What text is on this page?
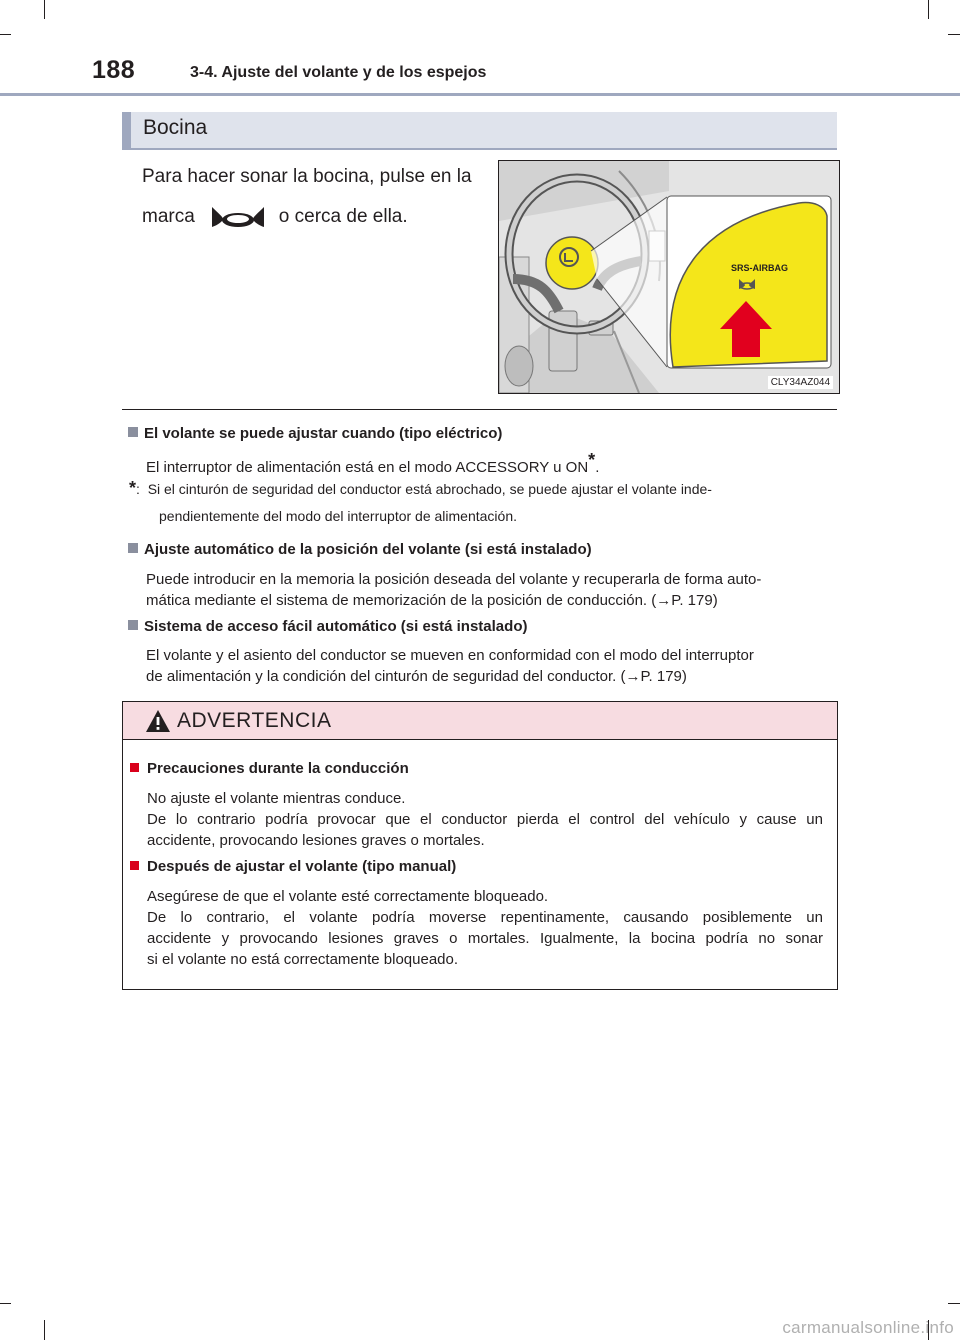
188	3-4. Ajuste del volante y de los espejos
Bocina
Para hacer sonar la bocina, pulse en la
marca	o cerca de ella.
SRS-AIRBAG
CLY34AZ044
El volante se puede ajustar cuando (tipo eléctrico)
El interruptor de alimentación está en el modo ACCESSORY u ON*.
*: Si el cinturón de seguridad del conductor está abrochado, se puede ajustar el volante inde-
pendientemente del modo del interruptor de alimentación.
Ajuste automático de la posición del volante (si está instalado)
Puede introducir en la memoria la posición deseada del volante y recuperarla de forma auto-
mática mediante el sistema de memorización de la posición de conducción. (→P. 179)
Sistema de acceso fácil automático (si está instalado)
El volante y el asiento del conductor se mueven en conformidad con el modo del interruptor
de alimentación y la condición del cinturón de seguridad del conductor. (→P. 179)
ADVERTENCIA
Precauciones durante la conducción
No ajuste el volante mientras conduce.
De lo contrario podría provocar que el conductor pierda el control del vehículo y cause un
accidente, provocando lesiones graves o mortales.
Después de ajustar el volante (tipo manual)
Asegúrese de que el volante esté correctamente bloqueado.
De lo contrario, el volante podría moverse repentinamente, causando posiblemente un
accidente y provocando lesiones graves o mortales. Igualmente, la bocina podría no sonar
si el volante no está correctamente bloqueado.
carmanualsonline.info
